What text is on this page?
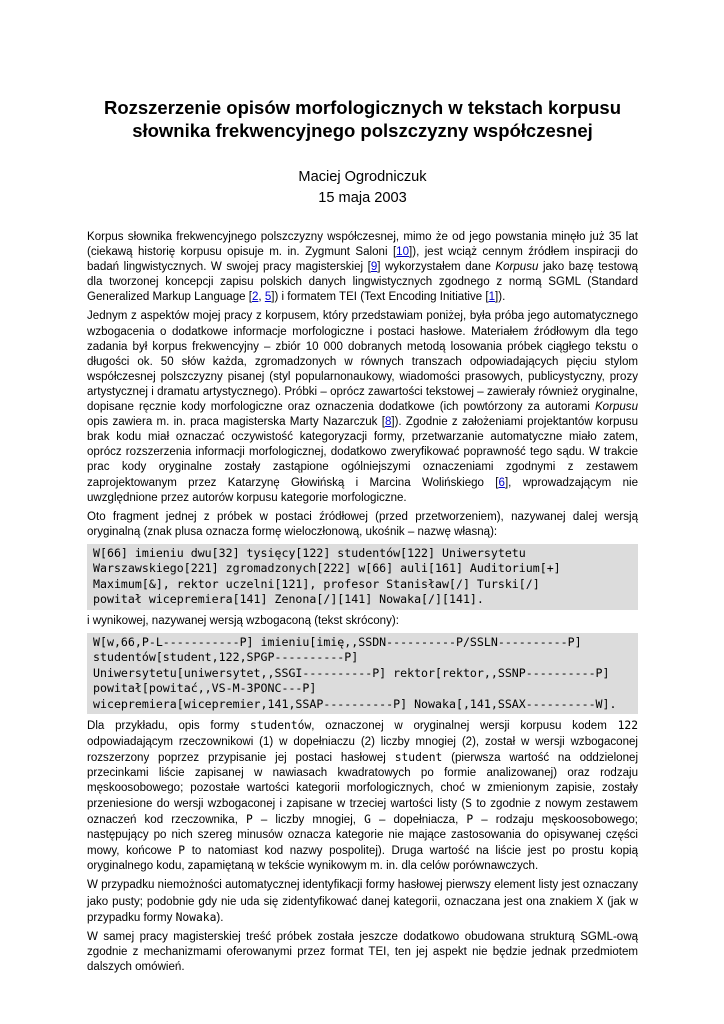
Rozszerzenie opisów morfologicznych w tekstach korpusu
słownika frekwencyjnego polszczyzny współczesnej

Maciej Ogrodniczuk

15 maja 2003

Korpus słownika frekwencyjnego polszczyzny współczesnej, mimo że od jego powstania minęło już 35 lat (ciekawą historię korpusu opisuje m. in. Zygmunt Saloni [10]), jest wciąż cennym źródłem inspiracji do badań lingwistycznych. W swojej pracy magisterskiej [9] wykorzystałem dane Korpusu jako bazę testową dla tworzonej koncepcji zapisu polskich danych lingwistycznych zgodnego z normą SGML (Standard Generalized Markup Language [2, 5]) i formatem TEI (Text Encoding Initiative [1]).

Jednym z aspektów mojej pracy z korpusem, który przedstawiam poniżej, była próba jego automatycznego wzbogacenia o dodatkowe informacje morfologiczne i postaci hasłowe. Materiałem źródłowym dla tego zadania był korpus frekwencyjny – zbiór 10 000 dobranych metodą losowania próbek ciągłego tekstu o długości ok. 50 słów każda, zgromadzonych w równych transzach odpowiadających pięciu stylom współczesnej polszczyzny pisanej (styl popularnonaukowy, wiadomości prasowych, publicystyczny, prozy artystycznej i dramatu artystycznego). Próbki – oprócz zawartości tekstowej – zawierały również oryginalne, dopisane ręcznie kody morfologiczne oraz oznaczenia dodatkowe (ich powtórzony za autorami Korpusu opis zawiera m. in. praca magisterska Marty Nazarczuk [8]). Zgodnie z założeniami projektantów korpusu brak kodu miał oznaczać oczywistość kategoryzacji formy, przetwarzanie automatyczne miało zatem, oprócz rozszerzenia informacji morfologicznej, dodatkowo zweryfikować poprawność tego sądu. W trakcie prac kody oryginalne zostały zastąpione ogólniejszymi oznaczeniami zgodnymi z zestawem zaprojektowanym przez Katarzynę Głowińską i Marcina Wolińskiego [6], wprowadzającym nie uwzględnione przez autorów korpusu kategorie morfologiczne.

Oto fragment jednej z próbek w postaci źródłowej (przed przetworzeniem), nazywanej dalej wersją oryginalną (znak plusa oznacza formę wieloczłonową, ukośnik – nazwę własną):

W[66] imieniu dwu[32] tysięcy[122] studentów[122] Uniwersytetu
Warszawskiego[221] zgromadzonych[222] w[66] auli[161] Auditorium[+]
Maximum[&], rektor uczelni[121], profesor Stanisław[/] Turski[/]
powitał wicepremiera[141] Zenona[/][141] Nowaka[/][141].

i wynikowej, nazywanej wersją wzbogaconą (tekst skrócony):

W[w,66,P-L-----------P] imieniu[imię,,SSDN----------P/SSLN----------P]
studentów[student,122,SPGP----------P]
Uniwersytetu[uniwersytet,,SSGI----------P] rektor[rektor,,SSNP----------P]
powitał[powitać,,VS-M-3PONC---P]
wicepremiera[wicepremier,141,SSAP----------P] Nowaka[,141,SSAX----------W].

Dla przykładu, opis formy studentów, oznaczonej w oryginalnej wersji korpusu kodem 122 odpowiadającym rzeczownikowi (1) w dopełniaczu (2) liczby mnogiej (2), został w wersji wzbogaconej rozszerzony poprzez przypisanie jej postaci hasłowej student (pierwsza wartość na oddzielonej przecinkami liście zapisanej w nawiasach kwadratowych po formie analizowanej) oraz rodzaju męskoosobowego; pozostałe wartości kategorii morfologicznych, choć w zmienionym zapisie, zostały przeniesione do wersji wzbogaconej i zapisane w trzeciej wartości listy (S to zgodnie z nowym zestawem oznaczeń kod rzeczownika, P – liczby mnogiej, G – dopełniacza, P – rodzaju męskoosobowego; następujący po nich szereg minusów oznacza kategorie nie mające zastosowania do opisywanej części mowy, końcowe P to natomiast kod nazwy pospolitej). Druga wartość na liście jest po prostu kopią oryginalnego kodu, zapamiętaną w tekście wynikowym m. in. dla celów porównawczych.

W przypadku niemożności automatycznej identyfikacji formy hasłowej pierwszy element listy jest oznaczany jako pusty; podobnie gdy nie uda się zidentyfikować danej kategorii, oznaczana jest ona znakiem X (jak w przypadku formy Nowaka).

W samej pracy magisterskiej treść próbek została jeszcze dodatkowo obudowana strukturą SGML-ową zgodnie z mechanizmami oferowanymi przez format TEI, ten jej aspekt nie będzie jednak przedmiotem dalszych omówień.
